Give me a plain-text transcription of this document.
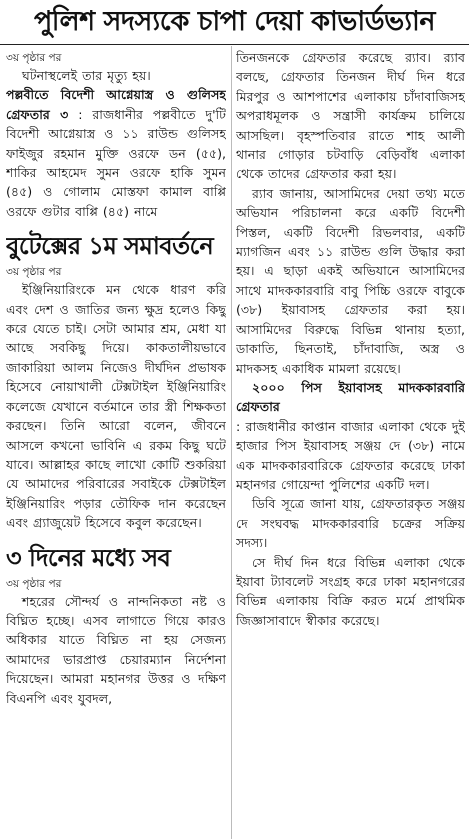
পুলিশ সদস্যকে চাপা দেয়া কাভার্ডভ্যান

৩য় পৃষ্ঠার পর

ঘটনাস্থলেই তার মৃত্যু হয়।

পল্লবীতে বিদেশী আগ্নেয়াস্ত্র ও গুলিসহ গ্রেফতার ৩ : রাজধানীর পল্লবীতে দু'টি বিদেশী আগ্নেয়াস্ত্র ও ১১ রাউন্ড গুলিসহ ফাইজুর রহমান মুক্তি ওরফে ডন (৫৫), শাকির আহমেদ সুমন ওরফে হাকি সুমন (৪৫) ও গোলাম মোস্তফা কামাল বাপ্পি ওরফে গুটার বাপ্পি (৪৫) নামে

বুটেক্সের ১ম সমাবর্তনে

৩য় পৃষ্ঠার পর

ইঞ্জিনিয়ারিংকে মন থেকে ধারণ করি এবং দেশ ও জাতির জন্য ক্ষুদ্র হলেও কিছু করে যেতে চাই। সেটা আমার শ্রম, মেধা যা আছে সবকিছু দিয়ে। কাকতালীয়ভাবে জাকারিয়া আলম নিজেও দীর্ঘদিন প্রভাষক হিসেবে নোয়াখালী টেক্সটাইল ইঞ্জিনিয়ারিং কলেজে যেখানে বর্তমানে তার স্ত্রী শিক্ষকতা করছেন। তিনি আরো বলেন, জীবনে আসলে কখনো ভাবিনি এ রকম কিছু ঘটে যাবে। আল্লাহর কাছে লাখো কোটি শুকরিয়া যে আমাদের পরিবারের সবাইকে টেক্সটাইল ইঞ্জিনিয়ারিং পড়ার তৌফিক দান করেছেন এবং গ্র্যাজুয়েট হিসেবে কবুল করেছেন।

৩ দিনের মধ্যে সব

৩য় পৃষ্ঠার পর

শহরের সৌন্দর্য ও নান্দনিকতা নষ্ট ও বিঘ্নিত হচ্ছে। এসব লাগাতে গিয়ে কারও অধিকার যাতে বিঘ্নিত না হয় সেজন্য আমাদের ভারপ্রাপ্ত চেয়ারম্যান নির্দেশনা দিয়েছেন। আমরা মহানগর উত্তর ও দক্ষিণ বিএনপি এবং যুবদল,

তিনজনকে গ্রেফতার করেছে র‍্যাব। র‍্যাব বলছে, গ্রেফতার তিনজন দীর্ঘ দিন ধরে মিরপুর ও আশপাশের এলাকায় চাঁদাবাজিসহ অপরাধমূলক ও সন্ত্রাসী কার্যক্রম চালিয়ে আসছিল। বৃহস্পতিবার রাতে শাহ আলী থানার গোড়ার চটবাড়ি বেড়িবাঁধ এলাকা থেকে তাদের গ্রেফতার করা হয়।

র‍্যাব জানায়, আসামিদের দেয়া তথ্য মতে অভিযান পরিচালনা করে একটি বিদেশী পিস্তল, একটি বিদেশী রিভলবার, একটি ম্যাগজিন এবং ১১ রাউন্ড গুলি উদ্ধার করা হয়। এ ছাড়া একই অভিযানে আসামিদের সাথে মাদককারবারি বাবু পিচ্চি ওরফে বাবুকে (৩৮) ইয়াবাসহ গ্রেফতার করা হয়। আসামিদের বিরুদ্ধে বিভিন্ন থানায় হত্যা, ডাকাতি, ছিনতাই, চাঁদাবাজি, অস্ত্র ও মাদকসহ একাধিক মামলা রয়েছে।

২০০০ পিস ইয়াবাসহ মাদককারবারি গ্রেফতার

: রাজধানীর কাপ্তান বাজার এলাকা থেকে দুই হাজার পিস ইয়াবাসহ সঞ্জয় দে (৩৮) নামে এক মাদককারবারিকে গ্রেফতার করেছে ঢাকা মহানগর গোয়েন্দা পুলিশের একটি দল।

ডিবি সূত্রে জানা যায়, গ্রেফতারকৃত সঞ্জয় দে সংঘবদ্ধ মাদককারবারি চক্রের সক্রিয় সদস্য।

সে দীর্ঘ দিন ধরে বিভিন্ন এলাকা থেকে ইয়াবা ট্যাবলেট সংগ্রহ করে ঢাকা মহানগরের বিভিন্ন এলাকায় বিক্রি করত মর্মে প্রাথমিক জিজ্ঞাসাবাদে স্বীকার করেছে।
